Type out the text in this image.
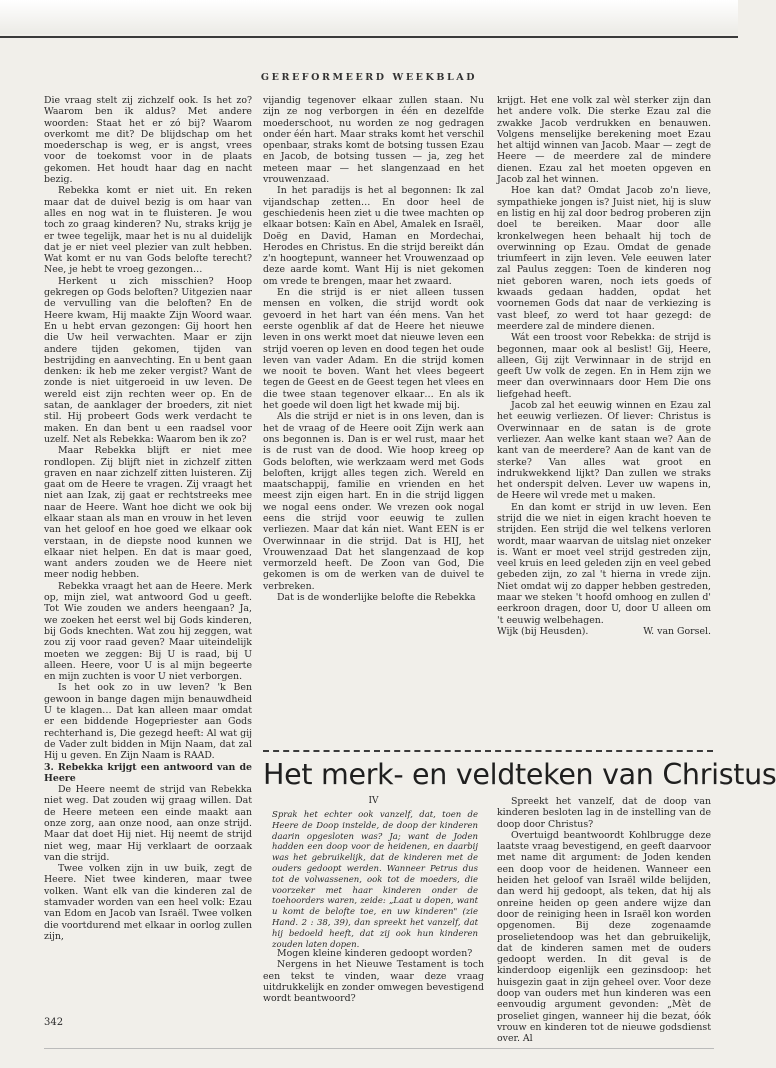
GEREFORMEERD WEEKBLAD

Die vraag stelt zij zichzelf ook. Is het zo? Waarom ben ik aldus? Met andere woorden: Staat het er zó bij? Waarom overkomt me dit? De blijdschap om het moederschap is weg, er is angst, vrees voor de toekomst voor in de plaats gekomen. Het houdt haar dag en nacht bezig.

Rebekka komt er niet uit. En reken maar dat de duivel bezig is om haar van alles en nog wat in te fluisteren. Je wou toch zo graag kinderen? Nu, straks krijg je er twee tegelijk, maar het is nu al duidelijk dat je er niet veel plezier van zult hebben. Wat komt er nu van Gods belofte terecht? Nee, je hebt te vroeg gezongen…

Herkent u zich misschien? Hoop gekregen op Gods beloften? Uitgezien naar de vervulling van die beloften? En de Heere kwam, Hij maakte Zijn Woord waar. En u hebt ervan gezongen: Gij hoort hen die Uw heil verwachten. Maar er zijn andere tijden gekomen, tijden van bestrijding en aanvechting. En u bent gaan denken: ik heb me zeker vergist? Want de zonde is niet uitgeroeid in uw leven. De wereld eist zijn rechten weer op. En de satan, de aanklager der broeders, zit niet stil. Hij probeert Gods werk verdacht te maken. En dan bent u een raadsel voor uzelf. Net als Rebekka: Waarom ben ik zo?

Maar Rebekka blijft er niet mee rondlopen. Zij blijft niet in zichzelf zitten graven en naar zichzelf zitten luisteren. Zij gaat om de Heere te vragen. Zij vraagt het niet aan Izak, zij gaat er rechtstreeks mee naar de Heere. Want hoe dicht we ook bij elkaar staan als man en vrouw in het leven van het geloof en hoe goed we elkaar ook verstaan, in de diepste nood kunnen we elkaar niet helpen. En dat is maar goed, want anders zouden we de Heere niet meer nodig hebben.

Rebekka vraagt het aan de Heere. Merk op, mijn ziel, wat antwoord God u geeft. Tot Wie zouden we anders heengaan? Ja, we zoeken het eerst wel bij Gods kinderen, bij Gods knechten. Wat zou hij zeggen, wat zou zij voor raad geven? Maar uiteindelijk moeten we zeggen: Bij U is raad, bij U alleen. Heere, voor U is al mijn begeerte en mijn zuchten is voor U niet verborgen.

Is het ook zo in uw leven? 'k Ben gewoon in bange dagen mijn benauwdheid U te klagen… Dat kan alleen maar omdat er een biddende Hogepriester aan Gods rechterhand is, Die gezegd heeft: Al wat gij de Vader zult bidden in Mijn Naam, dat zal Hij u geven. En Zijn Naam is RAAD.

3. Rebekka krijgt een antwoord van de Heere

De Heere neemt de strijd van Rebekka niet weg. Dat zouden wij graag willen. Dat de Heere meteen een einde maakt aan onze zorg, aan onze nood, aan onze strijd. Maar dat doet Hij niet. Hij neemt de strijd niet weg, maar Hij verklaart de oorzaak van die strijd.

Twee volken zijn in uw buik, zegt de Heere. Niet twee kinderen, maar twee volken. Want elk van die kinderen zal de stamvader worden van een heel volk: Ezau van Edom en Jacob van Israël. Twee volken die voortdurend met elkaar in oorlog zullen zijn,

vijandig tegenover elkaar zullen staan. Nu zijn ze nog verborgen in één en dezelfde moederschoot, nu worden ze nog gedragen onder één hart. Maar straks komt het verschil openbaar, straks komt de botsing tussen Ezau en Jacob, de botsing tussen — ja, zeg het meteen maar — het slangenzaad en het vrouwenzaad.

In het paradijs is het al begonnen: Ik zal vijandschap zetten… En door heel de geschiedenis heen ziet u die twee machten op elkaar botsen: Kaïn en Abel, Amalek en Israël, Doëg en David, Haman en Mordechai, Herodes en Christus. En die strijd bereikt dán z'n hoogtepunt, wanneer het Vrouwenzaad op deze aarde komt. Want Hij is niet gekomen om vrede te brengen, maar het zwaard.

En die strijd is er niet alleen tussen mensen en volken, die strijd wordt ook gevoerd in het hart van één mens. Van het eerste ogenblik af dat de Heere het nieuwe leven in ons werkt moet dat nieuwe leven een strijd voeren op leven en dood tegen het oude leven van vader Adam. En die strijd komen we nooit te boven. Want het vlees begeert tegen de Geest en de Geest tegen het vlees en die twee staan tegenover elkaar… En als ik het goede wil doen ligt het kwade mij bij.

Als die strijd er niet is in ons leven, dan is het de vraag of de Heere ooit Zijn werk aan ons begonnen is. Dan is er wel rust, maar het is de rust van de dood. Wie hoop kreeg op Gods beloften, wie werkzaam werd met Gods beloften, krijgt alles tegen zich. Wereld en maatschappij, familie en vrienden en het meest zijn eigen hart. En in die strijd liggen we nogal eens onder. We vrezen ook nogal eens die strijd voor eeuwig te zullen verliezen. Maar dat kán niet. Want EEN is er Overwinnaar in die strijd. Dat is HIJ, het Vrouwenzaad Dat het slangenzaad de kop vermorzeld heeft. De Zoon van God, Die gekomen is om de werken van de duivel te verbreken.

Dat is de wonderlijke belofte die Rebekka

krijgt. Het ene volk zal wèl sterker zijn dan het andere volk. Die sterke Ezau zal die zwakke Jacob verdrukken en benauwen. Volgens menselijke berekening moet Ezau het altijd winnen van Jacob. Maar — zegt de Heere — de meerdere zal de mindere dienen. Ezau zal het moeten opgeven en Jacob zal het winnen.

Hoe kan dat? Omdat Jacob zo'n lieve, sympathieke jongen is? Juist niet, hij is sluw en listig en hij zal door bedrog proberen zijn doel te bereiken. Maar door alle kronkelwegen heen behaalt hij toch de overwinning op Ezau. Omdat de genade triumfeert in zijn leven. Vele eeuwen later zal Paulus zeggen: Toen de kinderen nog niet geboren waren, noch iets goeds of kwaads gedaan hadden, opdat het voornemen Gods dat naar de verkiezing is vast bleef, zo werd tot haar gezegd: de meerdere zal de mindere dienen.

Wát een troost voor Rebekka: de strijd is begonnen, maar ook al beslist! Gij, Heere, alleen, Gij zijt Verwinnaar in de strijd en geeft Uw volk de zegen. En in Hem zijn we meer dan overwinnaars door Hem Die ons liefgehad heeft.

Jacob zal het eeuwig winnen en Ezau zal het eeuwig verliezen. Of liever: Christus is Overwinnaar en de satan is de grote verliezer. Aan welke kant staan we? Aan de kant van de meerdere? Aan de kant van de sterke? Van alles wat groot en indrukwekkend lijkt? Dan zullen we straks het onderspit delven. Lever uw wapens in, de Heere wil vrede met u maken.

En dan komt er strijd in uw leven. Een strijd die we niet in eigen kracht hoeven te strijden. Een strijd die wel telkens verloren wordt, maar waarvan de uitslag niet onzeker is. Want er moet veel strijd gestreden zijn, veel kruis en leed geleden zijn en veel gebed gebeden zijn, zo zal 't hierna in vrede zijn. Niet omdat wij zo dapper hebben gestreden, maar we steken 't hoofd omhoog en zullen d' eerkroon dragen, door U, door U alleen om 't eeuwig welbehagen.

Wijk (bij Heusden).	W. van Gorsel.
Het merk- en veldteken van Christus
IV
Sprak het echter ook vanzelf, dat, toen de Heere de Doop instelde, de doop der kinderen daarin opgesloten was? Ja; want de Joden hadden een doop voor de heidenen, en daarbij was het gebruikelijk, dat de kinderen met de ouders gedoopt werden. Wanneer Petrus dus tot de volwassenen, ook tot de moeders, die voorzeker met haar kinderen onder de toehoorders waren, zeide: „Laat u dopen, want u komt de belofte toe, en uw kinderen" (zie Hand. 2 : 38, 39), dan spreekt het vanzelf, dat hij bedoeld heeft, dat zij ook hun kinderen zouden laten dopen.

Mogen kleine kinderen gedoopt worden?

Nergens in het Nieuwe Testament is toch een tekst te vinden, waar deze vraag uitdrukkelijk en zonder omwegen bevestigend wordt beantwoord?

Spreekt het vanzelf, dat de doop van kinderen besloten lag in de instelling van de doop door Christus?

Overtuigd beantwoordt Kohlbrugge deze laatste vraag bevestigend, en geeft daarvoor met name dit argument: de Joden kenden een doop voor de heidenen. Wanneer een heiden het geloof van Israël wilde belijden, dan werd hij gedoopt, als teken, dat hij als onreine heiden op geen andere wijze dan door de reiniging heen in Israël kon worden opgenomen. Bij deze zogenaamde proselietendoop was het dan gebruikelijk, dat de kinderen samen met de ouders gedoopt werden. In dit geval is de kinderdoop eigenlijk een gezinsdoop: het huisgezin gaat in zijn geheel over. Voor deze doop van ouders met hun kinderen was een eenvoudig argument gevonden: „Mèt de proseliet gingen, wanneer hij die bezat, óók vrouw en kinderen tot de nieuwe godsdienst over. Al

342
